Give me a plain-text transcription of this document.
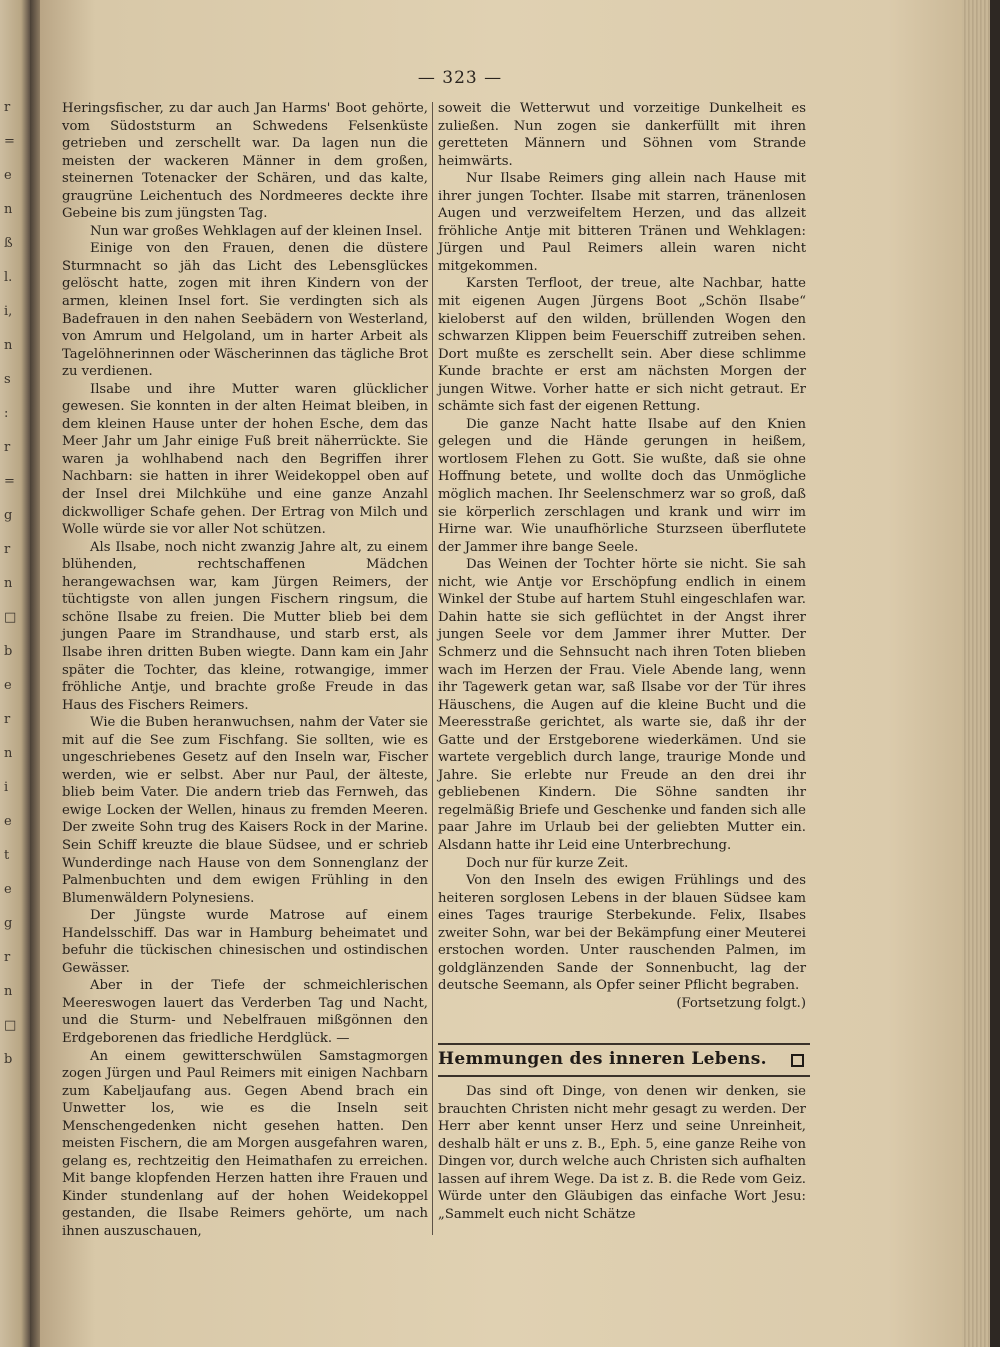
r
=
e
n
ß
l.
i,
n
s
:
r
=
g
r
n
□
b
e
r
n
i
e
t
e
g
r
n
□
b
— 323 —

Heringsfischer, zu dar auch Jan Harms' Boot gehörte, vom Südoststurm an Schwedens Felsenküste getrieben und zerschellt war. Da lagen nun die meisten der wackeren Männer in dem großen, steinernen Totenacker der Schären, und das kalte, graugrüne Leichentuch des Nordmeeres deckte ihre Gebeine bis zum jüngsten Tag.

Nun war großes Wehklagen auf der kleinen Insel.

Einige von den Frauen, denen die düstere Sturmnacht so jäh das Licht des Lebensglückes gelöscht hatte, zogen mit ihren Kindern von der armen, kleinen Insel fort. Sie verdingten sich als Badefrauen in den nahen Seebädern von Westerland, von Amrum und Helgoland, um in harter Arbeit als Tagelöhnerinnen oder Wäscherinnen das tägliche Brot zu verdienen.

Ilsabe und ihre Mutter waren glücklicher gewesen. Sie konnten in der alten Heimat bleiben, in dem kleinen Hause unter der hohen Esche, dem das Meer Jahr um Jahr einige Fuß breit näherrückte. Sie waren ja wohlhabend nach den Begriffen ihrer Nachbarn: sie hatten in ihrer Weidekoppel oben auf der Insel drei Milchkühe und eine ganze Anzahl dickwolliger Schafe gehen. Der Ertrag von Milch und Wolle würde sie vor aller Not schützen.

Als Ilsabe, noch nicht zwanzig Jahre alt, zu einem blühenden, rechtschaffenen Mädchen herangewachsen war, kam Jürgen Reimers, der tüchtigste von allen jungen Fischern ringsum, die schöne Ilsabe zu freien. Die Mutter blieb bei dem jungen Paare im Strandhause, und starb erst, als Ilsabe ihren dritten Buben wiegte. Dann kam ein Jahr später die Tochter, das kleine, rotwangige, immer fröhliche Antje, und brachte große Freude in das Haus des Fischers Reimers.

Wie die Buben heranwuchsen, nahm der Vater sie mit auf die See zum Fischfang. Sie sollten, wie es ungeschriebenes Gesetz auf den Inseln war, Fischer werden, wie er selbst. Aber nur Paul, der älteste, blieb beim Vater. Die andern trieb das Fernweh, das ewige Locken der Wellen, hinaus zu fremden Meeren. Der zweite Sohn trug des Kaisers Rock in der Marine. Sein Schiff kreuzte die blaue Südsee, und er schrieb Wunderdinge nach Hause von dem Sonnenglanz der Palmenbuchten und dem ewigen Frühling in den Blumenwäldern Polynesiens.

Der Jüngste wurde Matrose auf einem Handelsschiff. Das war in Hamburg beheimatet und befuhr die tückischen chinesischen und ostindischen Gewässer.

Aber in der Tiefe der schmeichlerischen Meereswogen lauert das Verderben Tag und Nacht, und die Sturm- und Nebelfrauen mißgönnen den Erdgeborenen das friedliche Herdglück. —

An einem gewitterschwülen Samstagmorgen zogen Jürgen und Paul Reimers mit einigen Nachbarn zum Kabeljaufang aus. Gegen Abend brach ein Unwetter los, wie es die Inseln seit Menschengedenken nicht gesehen hatten. Den meisten Fischern, die am Morgen ausgefahren waren, gelang es, rechtzeitig den Heimathafen zu erreichen. Mit bange klopfenden Herzen hatten ihre Frauen und Kinder stundenlang auf der hohen Weidekoppel gestanden, die Ilsabe Reimers gehörte, um nach ihnen auszuschauen,

soweit die Wetterwut und vorzeitige Dunkelheit es zuließen. Nun zogen sie dankerfüllt mit ihren geretteten Männern und Söhnen vom Strande heimwärts.

Nur Ilsabe Reimers ging allein nach Hause mit ihrer jungen Tochter. Ilsabe mit starren, tränenlosen Augen und verzweifeltem Herzen, und das allzeit fröhliche Antje mit bitteren Tränen und Wehklagen: Jürgen und Paul Reimers allein waren nicht mitgekommen.

Karsten Terfloot, der treue, alte Nachbar, hatte mit eigenen Augen Jürgens Boot „Schön Ilsabe“ kieloberst auf den wilden, brüllenden Wogen den schwarzen Klippen beim Feuerschiff zutreiben sehen. Dort mußte es zerschellt sein. Aber diese schlimme Kunde brachte er erst am nächsten Morgen der jungen Witwe. Vorher hatte er sich nicht getraut. Er schämte sich fast der eigenen Rettung.

Die ganze Nacht hatte Ilsabe auf den Knien gelegen und die Hände gerungen in heißem, wortlosem Flehen zu Gott. Sie wußte, daß sie ohne Hoffnung betete, und wollte doch das Unmögliche möglich machen. Ihr Seelenschmerz war so groß, daß sie körperlich zerschlagen und krank und wirr im Hirne war. Wie unaufhörliche Sturzseen überflutete der Jammer ihre bange Seele.

Das Weinen der Tochter hörte sie nicht. Sie sah nicht, wie Antje vor Erschöpfung endlich in einem Winkel der Stube auf hartem Stuhl eingeschlafen war. Dahin hatte sie sich geflüchtet in der Angst ihrer jungen Seele vor dem Jammer ihrer Mutter. Der Schmerz und die Sehnsucht nach ihren Toten blieben wach im Herzen der Frau. Viele Abende lang, wenn ihr Tagewerk getan war, saß Ilsabe vor der Tür ihres Häuschens, die Augen auf die kleine Bucht und die Meeresstraße gerichtet, als warte sie, daß ihr der Gatte und der Erstgeborene wiederkämen. Und sie wartete vergeblich durch lange, traurige Monde und Jahre. Sie erlebte nur Freude an den drei ihr gebliebenen Kindern. Die Söhne sandten ihr regelmäßig Briefe und Geschenke und fanden sich alle paar Jahre im Urlaub bei der geliebten Mutter ein. Alsdann hatte ihr Leid eine Unterbrechung.

Doch nur für kurze Zeit.

Von den Inseln des ewigen Frühlings und des heiteren sorglosen Lebens in der blauen Südsee kam eines Tages traurige Sterbekunde. Felix, Ilsabes zweiter Sohn, war bei der Bekämpfung einer Meuterei erstochen worden. Unter rauschenden Palmen, im goldglänzenden Sande der Sonnenbucht, lag der deutsche Seemann, als Opfer seiner Pflicht begraben.

(Fortsetzung folgt.)
Hemmungen des inneren Lebens.

Das sind oft Dinge, von denen wir denken, sie brauchten Christen nicht mehr gesagt zu werden. Der Herr aber kennt unser Herz und seine Unreinheit, deshalb hält er uns z. B., Eph. 5, eine ganze Reihe von Dingen vor, durch welche auch Christen sich aufhalten lassen auf ihrem Wege. Da ist z. B. die Rede vom Geiz. Würde unter den Gläubigen das einfache Wort Jesu: „Sammelt euch nicht Schätze
